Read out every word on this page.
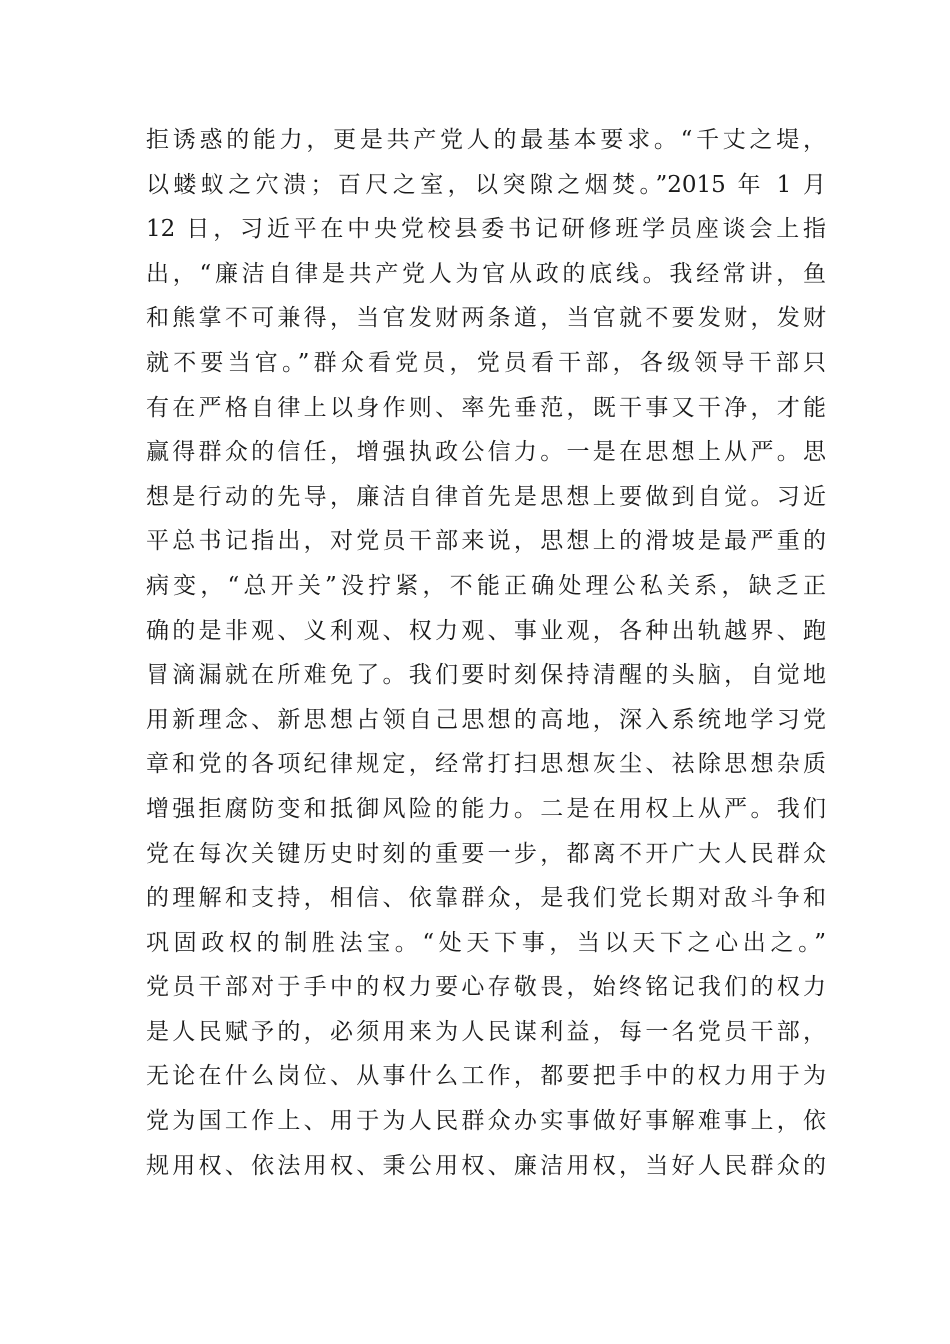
拒诱惑的能力，更是共产党人的最基本要求。“千丈之堤，
以蝼蚁之穴溃；百尺之室，以突隙之烟焚。”2015 年 1 月
12 日，习近平在中央党校县委书记研修班学员座谈会上指
出，“廉洁自律是共产党人为官从政的底线。我经常讲，鱼
和熊掌不可兼得，当官发财两条道，当官就不要发财，发财
就不要当官。”群众看党员，党员看干部，各级领导干部只
有在严格自律上以身作则、率先垂范，既干事又干净，才能
赢得群众的信任，增强执政公信力。一是在思想上从严。思
想是行动的先导，廉洁自律首先是思想上要做到自觉。习近
平总书记指出，对党员干部来说，思想上的滑坡是最严重的
病变，“总开关”没拧紧，不能正确处理公私关系，缺乏正
确的是非观、义利观、权力观、事业观，各种出轨越界、跑
冒滴漏就在所难免了。我们要时刻保持清醒的头脑，自觉地
用新理念、新思想占领自己思想的高地，深入系统地学习党
章和党的各项纪律规定，经常打扫思想灰尘、祛除思想杂质
增强拒腐防变和抵御风险的能力。二是在用权上从严。我们
党在每次关键历史时刻的重要一步，都离不开广大人民群众
的理解和支持，相信、依靠群众，是我们党长期对敌斗争和
巩固政权的制胜法宝。“处天下事，当以天下之心出之。”
党员干部对于手中的权力要心存敬畏，始终铭记我们的权力
是人民赋予的，必须用来为人民谋利益，每一名党员干部，
无论在什么岗位、从事什么工作，都要把手中的权力用于为
党为国工作上、用于为人民群众办实事做好事解难事上，依
规用权、依法用权、秉公用权、廉洁用权，当好人民群众的
